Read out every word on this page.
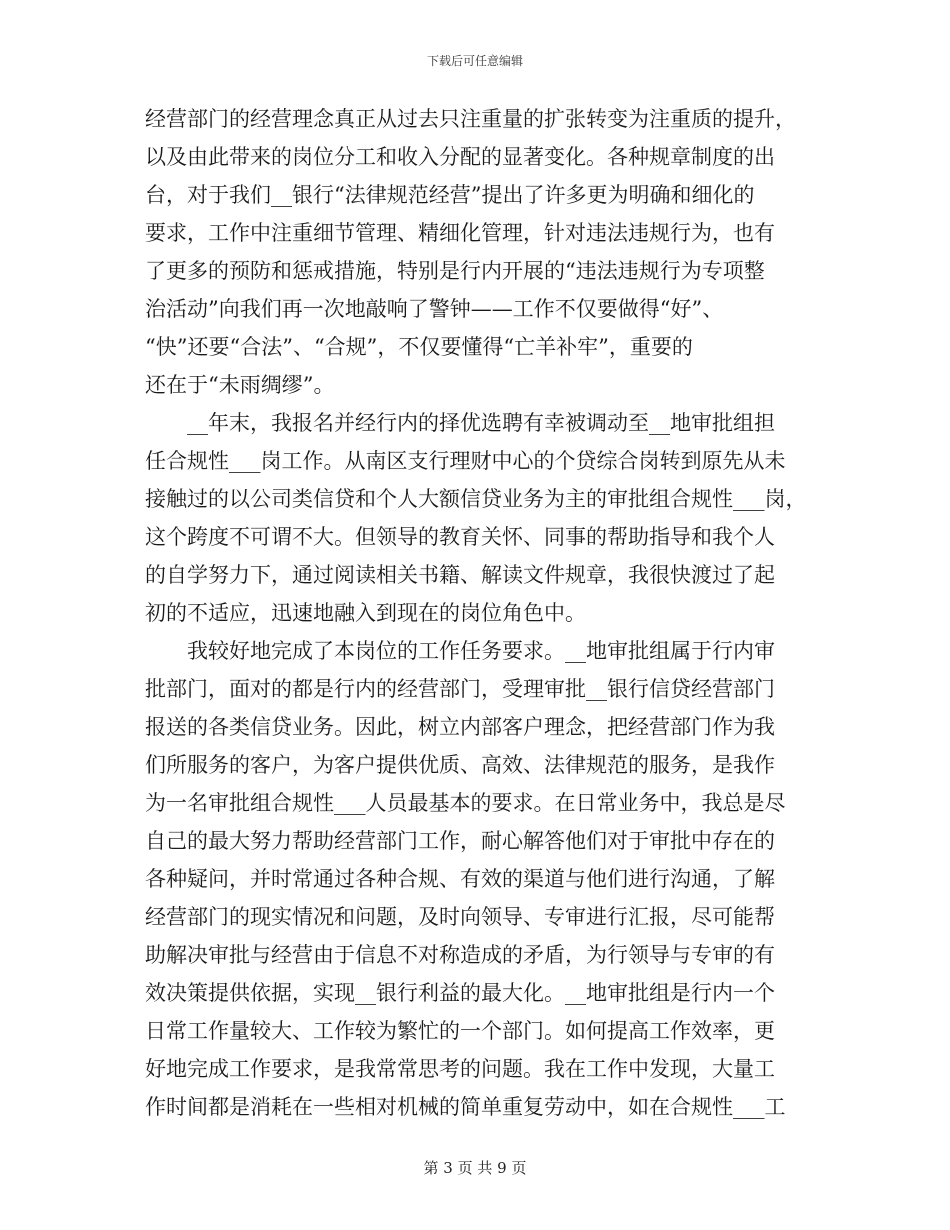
下载后可任意编辑
经营部门的经营理念真正从过去只注重量的扩张转变为注重质的提升，
以及由此带来的岗位分工和收入分配的显著变化。各种规章制度的出
台，对于我们__银行“法律规范经营”提出了许多更为明确和细化的
要求，工作中注重细节管理、精细化管理，针对违法违规行为，也有
了更多的预防和惩戒措施，特别是行内开展的“违法违规行为专项整
治活动”向我们再一次地敲响了警钟——工作不仅要做得“好”、
“快”还要“合法”、“合规”，不仅要懂得“亡羊补牢”，重要的
还在于“未雨绸缪”。
　　__年末，我报名并经行内的择优选聘有幸被调动至__地审批组担
任合规性___岗工作。从南区支行理财中心的个贷综合岗转到原先从未
接触过的以公司类信贷和个人大额信贷业务为主的审批组合规性___岗，
这个跨度不可谓不大。但领导的教育关怀、同事的帮助指导和我个人
的自学努力下，通过阅读相关书籍、解读文件规章，我很快渡过了起
初的不适应，迅速地融入到现在的岗位角色中。
　　我较好地完成了本岗位的工作任务要求。__地审批组属于行内审
批部门，面对的都是行内的经营部门，受理审批__银行信贷经营部门
报送的各类信贷业务。因此，树立内部客户理念，把经营部门作为我
们所服务的客户，为客户提供优质、高效、法律规范的服务，是我作
为一名审批组合规性___人员最基本的要求。在日常业务中，我总是尽
自己的最大努力帮助经营部门工作，耐心解答他们对于审批中存在的
各种疑问，并时常通过各种合规、有效的渠道与他们进行沟通，了解
经营部门的现实情况和问题，及时向领导、专审进行汇报，尽可能帮
助解决审批与经营由于信息不对称造成的矛盾，为行领导与专审的有
效决策提供依据，实现__银行利益的最大化。__地审批组是行内一个
日常工作量较大、工作较为繁忙的一个部门。如何提高工作效率，更
好地完成工作要求，是我常常思考的问题。我在工作中发现，大量工
作时间都是消耗在一些相对机械的简单重复劳动中，如在合规性___工
第 3 页 共 9 页
